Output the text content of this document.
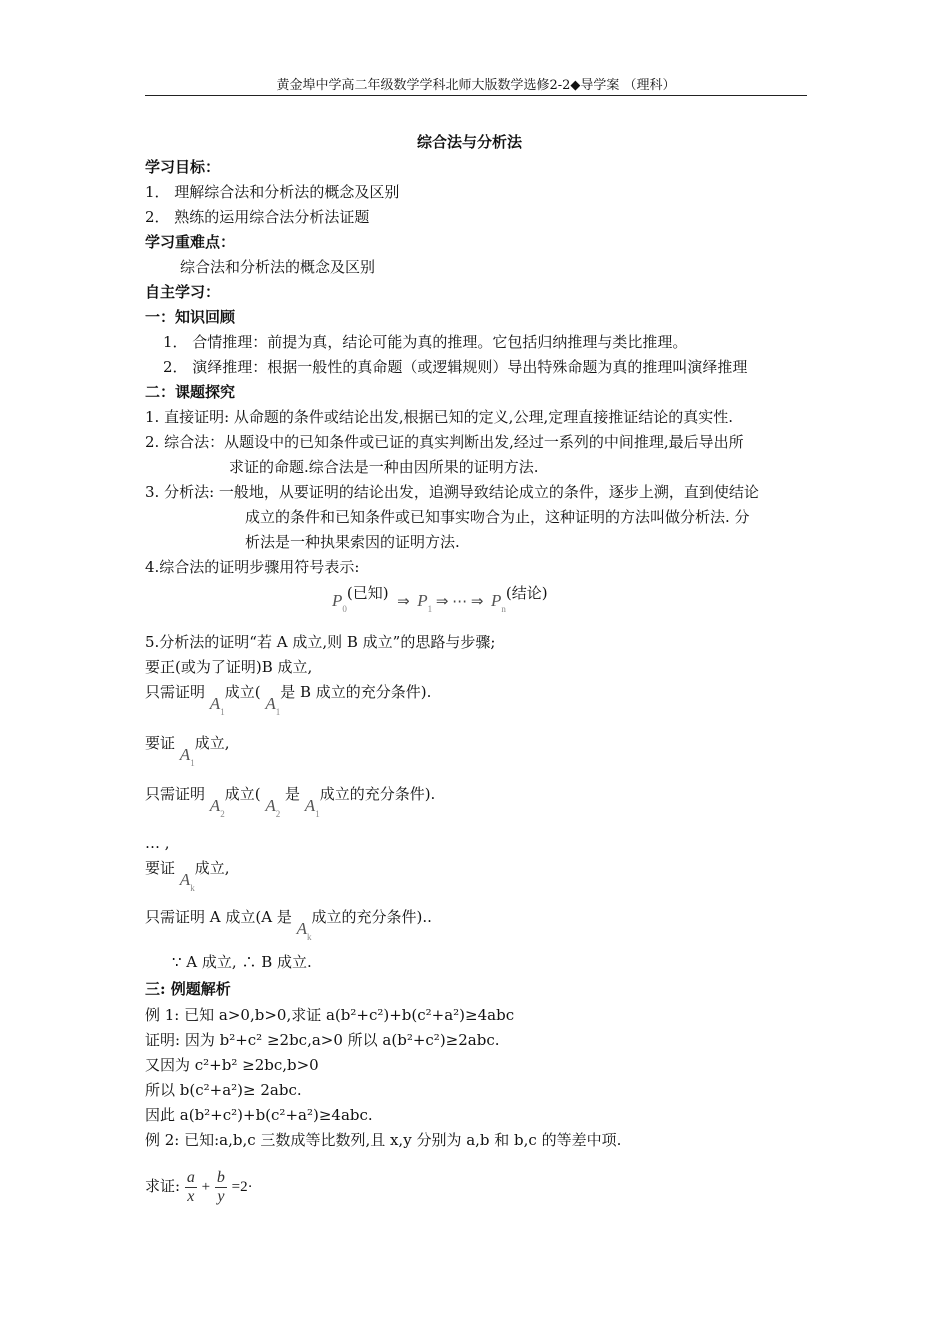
黄金埠中学高二年级数学学科北师大版数学选修2-2◆导学案 （理科）
综合法与分析法
学习目标：
1． 理解综合法和分析法的概念及区别
2． 熟练的运用综合法分析法证题
学习重难点：
综合法和分析法的概念及区别
自主学习：
一：知识回顾
1． 合情推理：前提为真，结论可能为真的推理。它包括归纳推理与类比推理。
2． 演绎推理：根据一般性的真命题（或逻辑规则）导出特殊命题为真的推理叫演绎推理
二：课题探究
1. 直接证明: 从命题的条件或结论出发,根据已知的定义,公理,定理直接推证结论的真实性.
2. 综合法：从题设中的已知条件或已证的真实判断出发,经过一系列的中间推理,最后导出所
求证的命题.综合法是一种由因所果的证明方法.
3. 分析法: 一般地，从要证明的结论出发，追溯导致结论成立的条件，逐步上溯，直到使结论
成立的条件和已知条件或已知事实吻合为止，这种证明的方法叫做分析法. 分
析法是一种执果索因的证明方法.
4.综合法的证明步骤用符号表示:
$P_0$(已知)  ⇒  $P_1$ ⇒ ⋯ ⇒  $P_n$(结论)
5.分析法的证明“若 A 成立,则 B 成立”的思路与步骤;
要正(或为了证明)B 成立,
只需证明 $A_1$成立( $A_1$是 B 成立的充分条件).
要证 $A_1$成立,
只需证明 $A_2$成立( $A_2$ 是 $A_1$成立的充分条件).
… ,
要证 $A_k$成立,
只需证明 A 成立(A 是 $A_k$成立的充分条件)..
∵ A 成立, ∴ B 成立.
三: 例题解析
例 1: 已知 a>0,b>0,求证 a(b²+c²)+b(c²+a²)≥4abc
证明: 因为 b²+c² ≥2bc,a>0 所以 a(b²+c²)≥2abc.
又因为 c²+b² ≥2bc,b>0
所以 b(c²+a²)≥ 2abc.
因此 a(b²+c²)+b(c²+a²)≥4abc.
例 2: 已知:a,b,c 三数成等比数列,且 x,y 分别为 a,b 和 b,c 的等差中项.
求证: $\frac{a}{x} + \frac{b}{y} =2\cdot$
